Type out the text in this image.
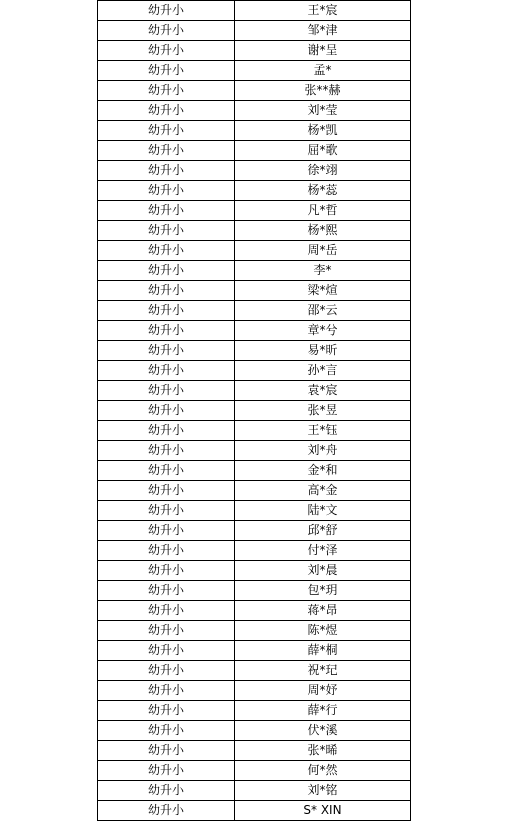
幼升小	王*宸
幼升小	邹*津
幼升小	谢*呈
幼升小	孟*
幼升小	张**赫
幼升小	刘*莹
幼升小	杨*凯
幼升小	屈*歌
幼升小	徐*翊
幼升小	杨*蕊
幼升小	凡*哲
幼升小	杨*熙
幼升小	周*岳
幼升小	李*
幼升小	梁*煊
幼升小	邵*云
幼升小	章*兮
幼升小	易*昕
幼升小	孙*言
幼升小	袁*宸
幼升小	张*昱
幼升小	王*钰
幼升小	刘*舟
幼升小	金*和
幼升小	高*金
幼升小	陆*文
幼升小	邱*舒
幼升小	付*泽
幼升小	刘*晨
幼升小	包*玥
幼升小	蒋*昂
幼升小	陈*煜
幼升小	薛*桐
幼升小	祝*玘
幼升小	周*妤
幼升小	薛*行
幼升小	伏*溪
幼升小	张*晞
幼升小	何*然
幼升小	刘*铭
幼升小	S* XIN
